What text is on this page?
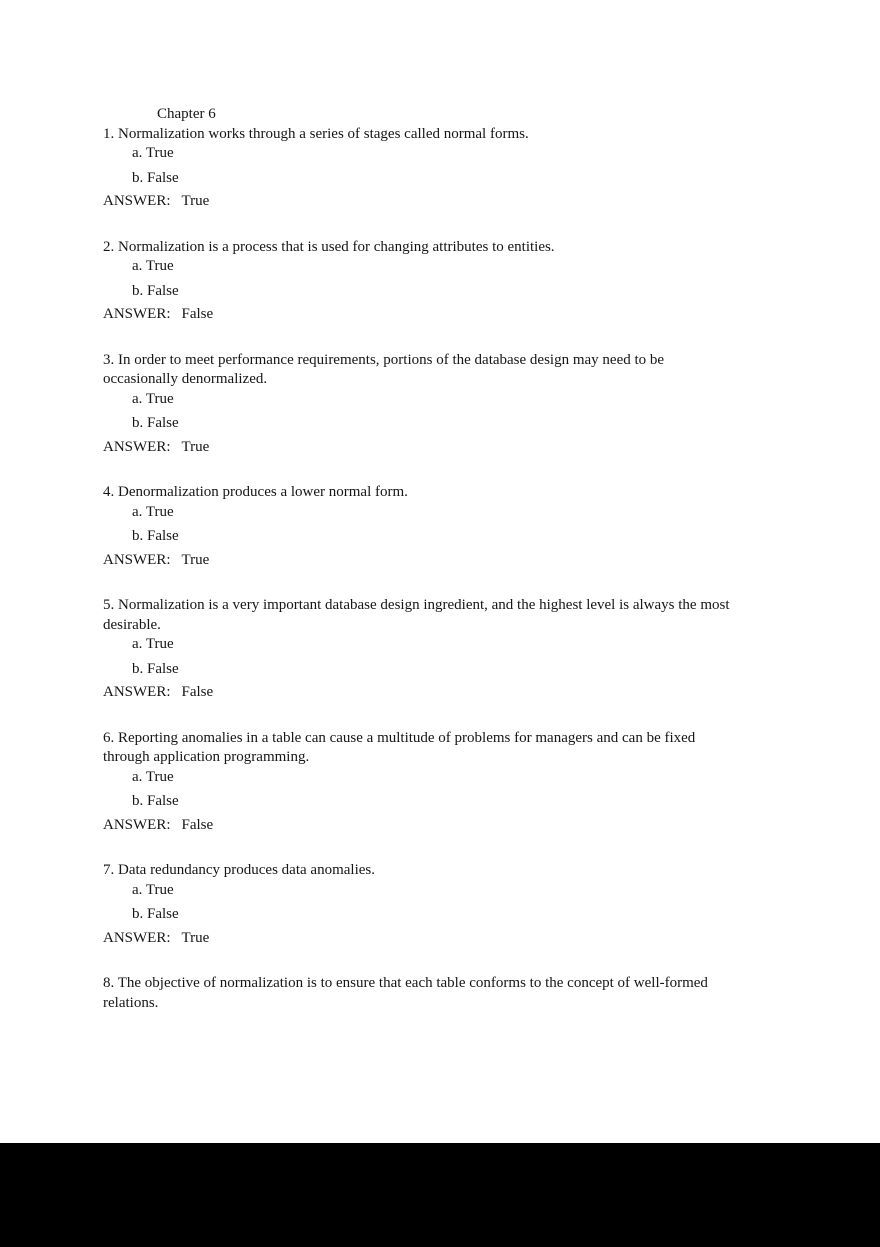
Chapter 6
1. Normalization works through a series of stages called normal forms.
a. True
b. False
ANSWER: True
2. Normalization is a process that is used for changing attributes to entities.
a. True
b. False
ANSWER: False
3. In order to meet performance requirements, portions of the database design may need to be
occasionally denormalized.
a. True
b. False
ANSWER: True
4. Denormalization produces a lower normal form.
a. True
b. False
ANSWER: True
5. Normalization is a very important database design ingredient, and the highest level is always the most
desirable.
a. True
b. False
ANSWER: False
6. Reporting anomalies in a table can cause a multitude of problems for managers and can be fixed
through application programming.
a. True
b. False
ANSWER: False
7. Data redundancy produces data anomalies.
a. True
b. False
ANSWER: True
8. The objective of normalization is to ensure that each table conforms to the concept of well-formed
relations.
